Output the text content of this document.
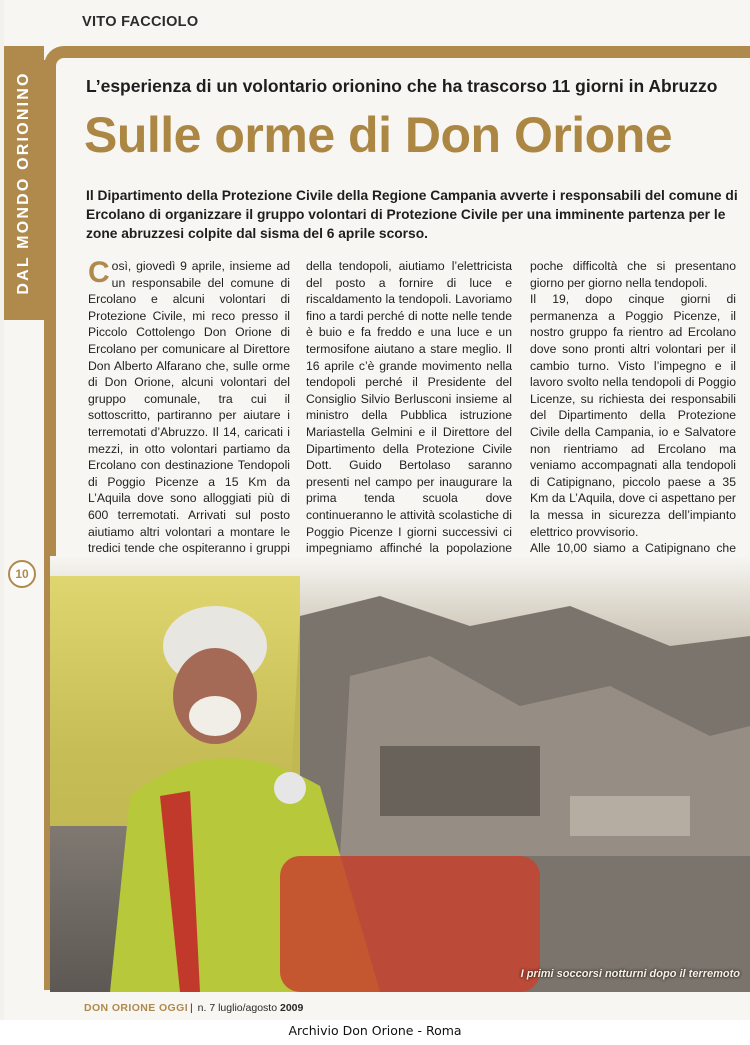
VITO FACCIOLO
DAL MONDO ORIONINO
10
L’esperienza di un volontario orionino che ha trascorso 11 giorni in Abruzzo
Sulle orme di Don Orione
Il Dipartimento della Protezione Civile della Regione Campania avverte i responsabili del comune di Ercolano di organizzare il gruppo volontari di Protezione Civile per una imminente partenza per le zone abruzzesi colpite dal sisma del 6 aprile scorso.

Così, giovedì 9 aprile, insieme ad un responsabile del comune di Ercolano e alcuni volontari di Protezione Civile, mi reco presso il Piccolo Cottolengo Don Orione di Ercolano per comunicare al Direttore Don Alberto Alfarano che, sulle orme di Don Orione, alcuni volontari del gruppo comunale, tra cui il sottoscritto, partiranno per aiutare i terremotati d’Abruzzo. Il 14, caricati i mezzi, in otto volontari partiamo da Ercolano con destinazione Tendopoli di Poggio Picenze a 15 Km da L’Aquila dove sono alloggiati più di 600 terremotati. Arrivati sul posto aiutiamo altri volontari a montare le tredici tende che ospiteranno i gruppi

della tendopoli, aiutiamo l’elettricista del posto a fornire di luce e riscaldamento la tendopoli. Lavoriamo fino a tardi perché di notte nelle tende è buio e fa freddo e una luce e un termosifone aiutano a stare meglio. Il 16 aprile c’è grande movimento nella tendopoli perché il Presidente del Consiglio Silvio Berlusconi insieme al ministro della Pubblica istruzione Mariastella Gelmini e il Direttore del Dipartimento della Protezione Civile Dott. Guido Bertolaso saranno presenti nel campo per inaugurare la prima tenda scuola dove continueranno le attività scolastiche di Poggio Picenze I giorni successivi ci impegniamo affinché la popolazione

poche difficoltà che si presentano giorno per giorno nella tendopoli.

Il 19, dopo cinque giorni di permanenza a Poggio Picenze, il nostro gruppo fa rientro ad Ercolano dove sono pronti altri volontari per il cambio turno. Visto l’impegno e il lavoro svolto nella tendopoli di Poggio Licenze, su richiesta dei responsabili del Dipartimento della Protezione Civile della Campania, io e Salvatore non rientriamo ad Ercolano ma veniamo accompagnati alla tendopoli di Catipignano, piccolo paese a 35 Km da L’Aquila, dove ci aspettano per la messa in sicurezza dell’impianto elettrico provvisorio.

Alle 10,00 siamo a Catipignano che

I primi soccorsi notturni dopo il terremoto
DON ORIONE OGGI | n. 7 luglio/agosto 2009
Archivio Don Orione - Roma
